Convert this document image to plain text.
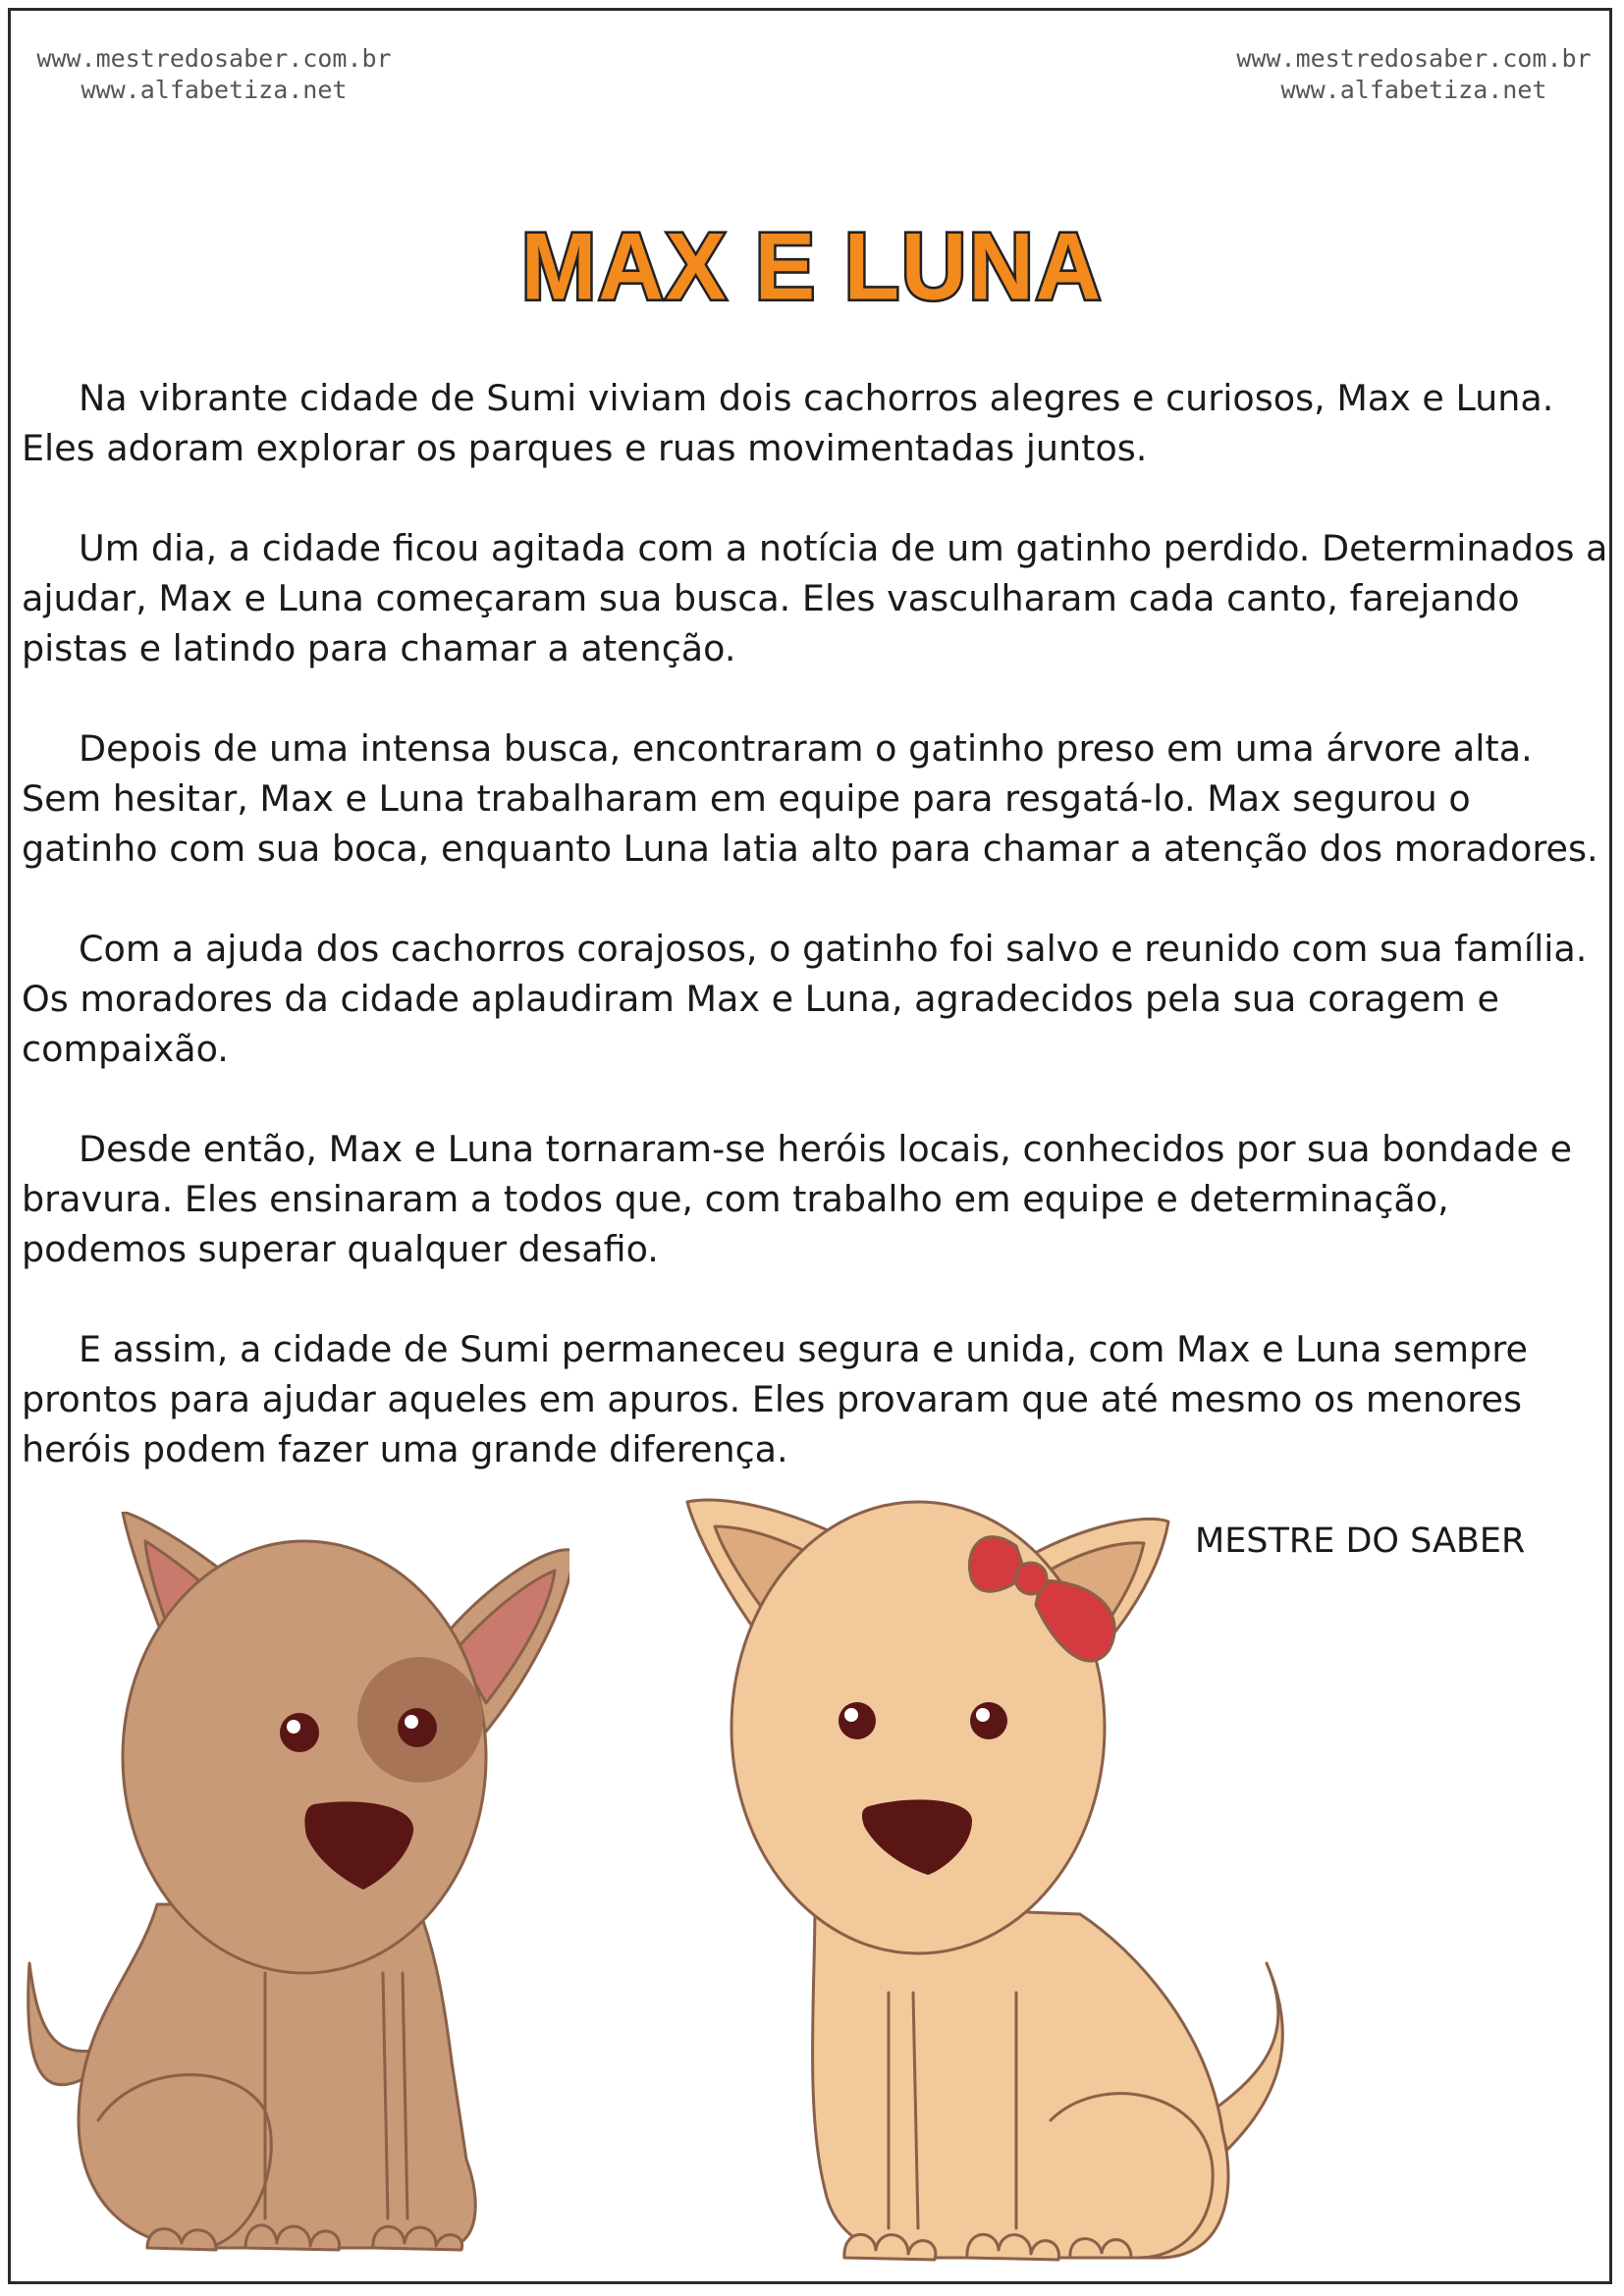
www.mestredosaber.com.br
www.alfabetiza.net
www.mestredosaber.com.br
www.alfabetiza.net
MAX E LUNA

Na vibrante cidade de Sumi viviam dois cachorros alegres e curiosos, Max e Luna. Eles adoram explorar os parques e ruas movimentadas juntos.

Um dia, a cidade ficou agitada com a notícia de um gatinho perdido. Determinados a ajudar, Max e Luna começaram sua busca. Eles vasculharam cada canto, farejando pistas e latindo para chamar a atenção.

Depois de uma intensa busca, encontraram o gatinho preso em uma árvore alta. Sem hesitar, Max e Luna trabalharam em equipe para resgatá-lo. Max segurou o gatinho com sua boca, enquanto Luna latia alto para chamar a atenção dos moradores.

Com a ajuda dos cachorros corajosos, o gatinho foi salvo e reunido com sua família. Os moradores da cidade aplaudiram Max e Luna, agradecidos pela sua coragem e compaixão.

Desde então, Max e Luna tornaram-se heróis locais, conhecidos por sua bondade e bravura. Eles ensinaram a todos que, com trabalho em equipe e determinação, podemos superar qualquer desafio.

E assim, a cidade de Sumi permaneceu segura e unida, com Max e Luna sempre prontos para ajudar aqueles em apuros. Eles provaram que até mesmo os menores heróis podem fazer uma grande diferença.

MESTRE DO SABER
